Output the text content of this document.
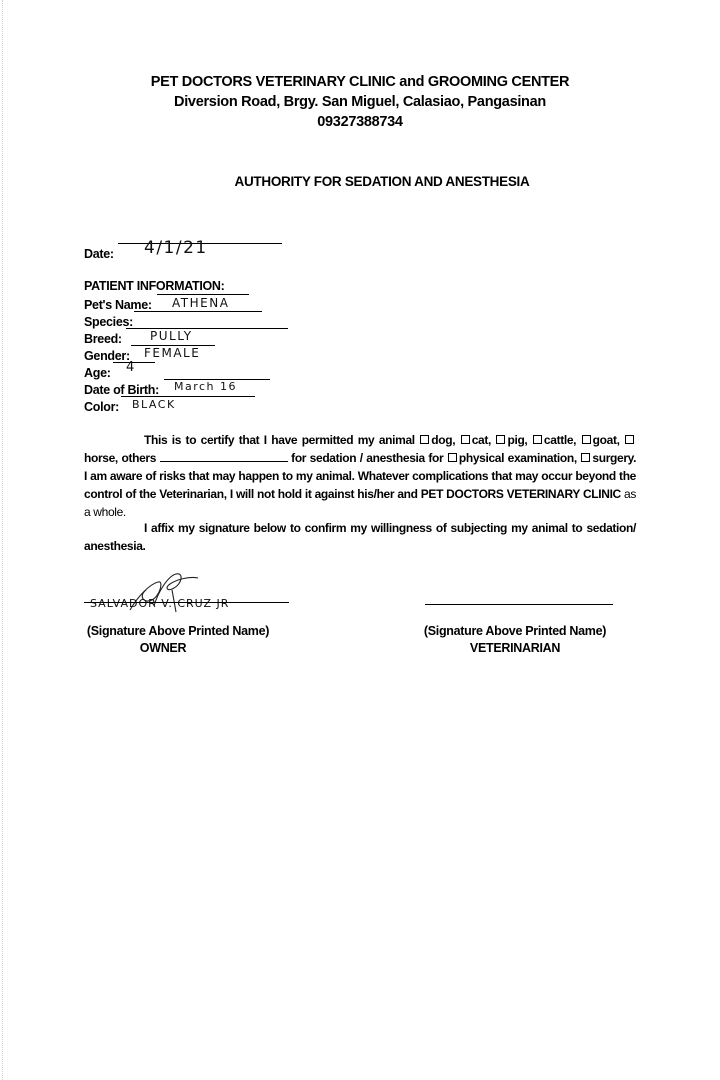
PET DOCTORS VETERINARY CLINIC and GROOMING CENTER
Diversion Road, Brgy. San Miguel, Calasiao, Pangasinan
09327388734
AUTHORITY FOR SEDATION AND ANESTHESIA
Date: 4/1/21
PATIENT INFORMATION:
Pet's Name: ATHENA
Species:
Breed: PULLY
Gender: FEMALE
Age: 4
Date of Birth: March 16
Color: BLACK
This is to certify that I have permitted my animal dog, cat, pig, cattle, goat, horse, others	for sedation / anesthesia for physical examination, surgery. I am aware of risks that may happen to my animal. Whatever complications that may occur beyond the control of the Veterinarian, I will not hold it against his/her and PET DOCTORS VETERINARY CLINIC as a whole.
I affix my signature below to confirm my willingness of subjecting my animal to sedation/ anesthesia.
SALVADOR V. CRUZ JR
(Signature Above Printed Name)
OWNER
(Signature Above Printed Name)
VETERINARIAN
